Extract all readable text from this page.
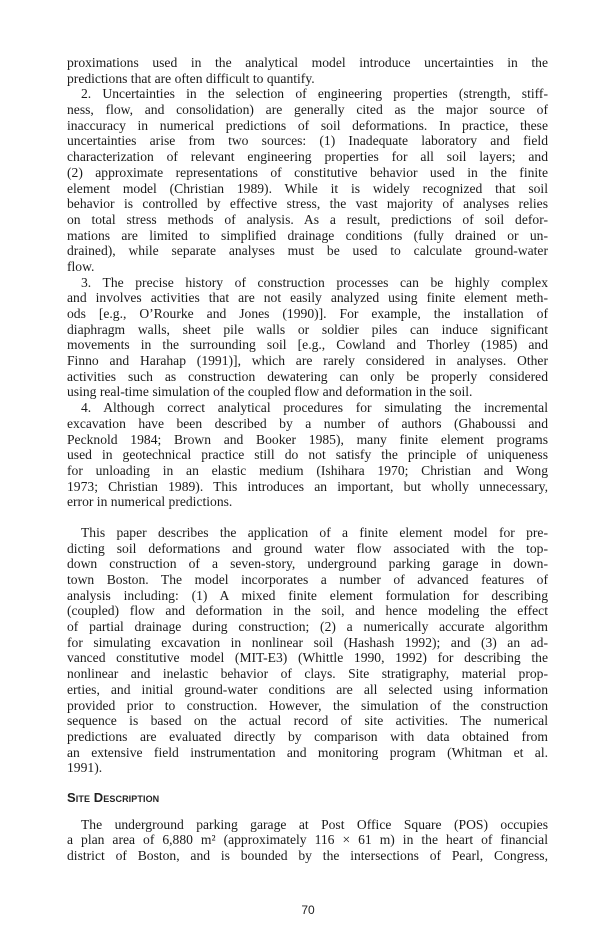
proximations used in the analytical model introduce uncertainties in the
predictions that are often difficult to quantify.
2. Uncertainties in the selection of engineering properties (strength, stiff-
ness, flow, and consolidation) are generally cited as the major source of
inaccuracy in numerical predictions of soil deformations. In practice, these
uncertainties arise from two sources: (1) Inadequate laboratory and field
characterization of relevant engineering properties for all soil layers; and
(2) approximate representations of constitutive behavior used in the finite
element model (Christian 1989). While it is widely recognized that soil
behavior is controlled by effective stress, the vast majority of analyses relies
on total stress methods of analysis. As a result, predictions of soil defor-
mations are limited to simplified drainage conditions (fully drained or un-
drained), while separate analyses must be used to calculate ground-water
flow.
3. The precise history of construction processes can be highly complex
and involves activities that are not easily analyzed using finite element meth-
ods [e.g., O’Rourke and Jones (1990)]. For example, the installation of
diaphragm walls, sheet pile walls or soldier piles can induce significant
movements in the surrounding soil [e.g., Cowland and Thorley (1985) and
Finno and Harahap (1991)], which are rarely considered in analyses. Other
activities such as construction dewatering can only be properly considered
using real-time simulation of the coupled flow and deformation in the soil.
4. Although correct analytical procedures for simulating the incremental
excavation have been described by a number of authors (Ghaboussi and
Pecknold 1984; Brown and Booker 1985), many finite element programs
used in geotechnical practice still do not satisfy the principle of uniqueness
for unloading in an elastic medium (Ishihara 1970; Christian and Wong
1973; Christian 1989). This introduces an important, but wholly unnecessary,
error in numerical predictions.
This paper describes the application of a finite element model for pre-
dicting soil deformations and ground water flow associated with the top-
down construction of a seven-story, underground parking garage in down-
town Boston. The model incorporates a number of advanced features of
analysis including: (1) A mixed finite element formulation for describing
(coupled) flow and deformation in the soil, and hence modeling the effect
of partial drainage during construction; (2) a numerically accurate algorithm
for simulating excavation in nonlinear soil (Hashash 1992); and (3) an ad-
vanced constitutive model (MIT-E3) (Whittle 1990, 1992) for describing the
nonlinear and inelastic behavior of clays. Site stratigraphy, material prop-
erties, and initial ground-water conditions are all selected using information
provided prior to construction. However, the simulation of the construction
sequence is based on the actual record of site activities. The numerical
predictions are evaluated directly by comparison with data obtained from
an extensive field instrumentation and monitoring program (Whitman et al.
1991).
Site Description
The underground parking garage at Post Office Square (POS) occupies
a plan area of 6,880 m² (approximately 116 × 61 m) in the heart of financial
district of Boston, and is bounded by the intersections of Pearl, Congress,
70
